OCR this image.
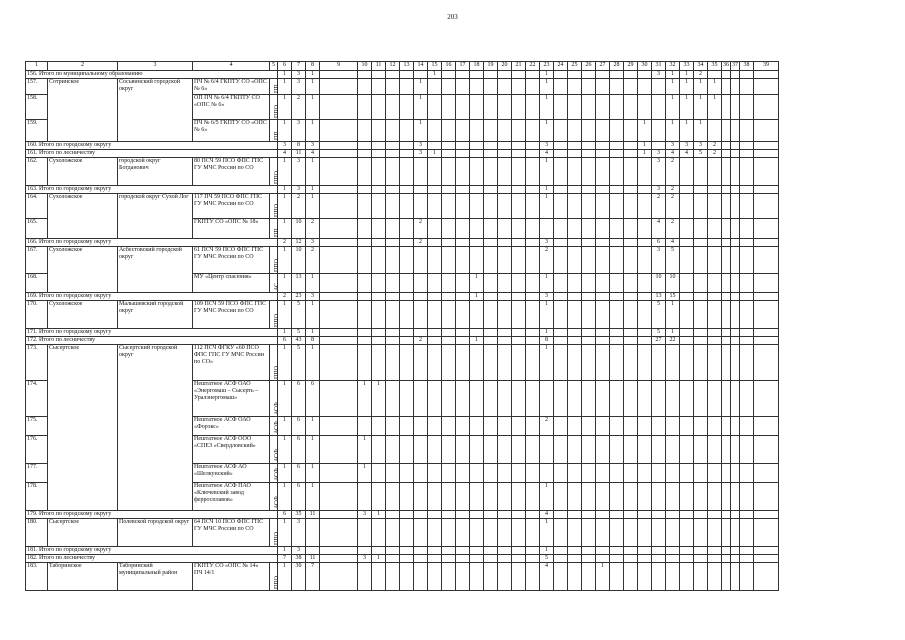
203
1	2	3	4	5	6	7	8	9	10	11	12	13	14	15	16	17	18	19	20	21	22	23	24	25	26	27	28	29	30	31	32	33	34	35	36	37	38	39
156. Итого по муниципальному образованию					1	3	1							1								1								3	1	1	2					
157.	Сотринское	Сосьвинский городской округ	ПЧ № 6/4 ГКПТУ СО «ОПС № 6»	ПП	1	3	1						1									1									1	1	1	1				
158.			ОП ПЧ № 6/4 ГКПТУ СО «ОПС № 6»	ППО	1	2	1						1									1									1	1	1	1				
159.			ПЧ № 6/5 ГКПТУ СО «ОПС № 6»	ПП	1	3	1						1									1							1		1	1	1					
160. Итого по городскому округу					3	8	3						3									3							1		3	3	3	2				
161. Итого по лесничеству					4	11	4						3	1								4							1	3	4	4	5	2				
162.	Сухоложское	городской округ Богданович	80 ПСЧ 59 ПСО ФПС ГПС ГУ МЧС России по СО	ППО	1	3	1															1								3	2							
163. Итого по городскому округу					1	3	1															1								3	2							
164.	Сухоложское	городской округ Сухой Лог	117 ПЧ 59 ПСО ФПС ГПС ГУ МЧС России по СО	ППО	1	2	1															1								2	2							
165.			ГКПТУ СО «ОПС № 18»	ПП	1	10	2						2																	4	2							
166. Итого по городскому округу					2	12	3						2									3								6	4							
167.	Сухоложское	Асбестовский городской округ	61 ПСЧ 59 ПСО ФПС ГПС ГУ МЧС России по СО	ППО	1	10	2															2								3	5							
168.			МУ «Центр спасения»	АС	1	13	1										1					1								10	10							
169. Итого по городскому округу					2	23	3										1					3								13	15							
170.	Сухоложское	Малышевский городской округ	109 ПСЧ 59 ПСО ФПС ГПС ГУ МЧС России по СО	ППО	1	5	1															1								5	1							
171. Итого по городскому округу					1	5	1															1								5	1							
172. Итого по лесничеству					6	43	8						2				1					8								27	22							
173.	Сысертское	Сысертский городской округ	112 ПСЧ ФГКУ «60 ПСО ФПС ГПС ГУ МЧС России по СО»	ППО	1	5	1															1																
174.			Нештатное АСФ ОАО «Энергомаш – Сысерть – Уралэнергомаш»	АСФ	1	6	6		1	1																												
175.			Нештатное АСФ ОАО «Форэкс»	АСФ	1	6	1															2																
176.			Нештатное АСФ ООО «СПЕЗ «Свердловский»	АСФ	1	6	1		1																													
177.			Нештатное АСФ АО «Шелкунский»	АСФ	1	6	1		1																													
178.			Нештатное АСФ ПАО «Ключевский завод ферросплавов»	АСФ	1	6	1															1																
179. Итого по городскому округу					6	35	11		3	1												4																
180.	Сысертское	Полевской городской округ	64 ПСЧ 10 ПСО ФПС ГПС ГУ МЧС России по СО	ППО	1	3																1																
181. Итого по городскому округу					1	3																1																
182. Итого по лесничеству					7	38	11		3	1												5																
183.	Таборинское	Таборинский муниципальный район	ГКПТУ СО «ОПС № 14» ПЧ 14/1	ППО	1	30	7															4				1												
